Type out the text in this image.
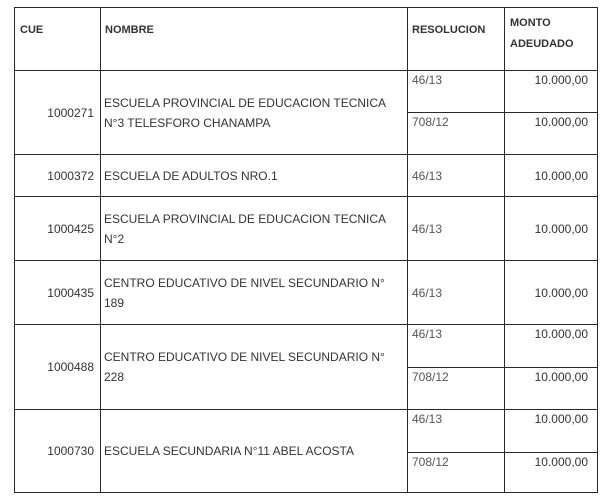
CUE	NOMBRE	RESOLUCION	MONTO
ADEUDADO
1000271	ESCUELA PROVINCIAL DE EDUCACION TECNICA N°3 TELESFORO CHANAMPA	46/13	10.000,00
		708/12	10.000,00
1000372	ESCUELA DE ADULTOS NRO.1	46/13	10.000,00
1000425	ESCUELA PROVINCIAL DE EDUCACION TECNICA N°2	46/13	10.000,00
1000435	CENTRO EDUCATIVO DE NIVEL SECUNDARIO N° 189	46/13	10.000,00
1000488	CENTRO EDUCATIVO DE NIVEL SECUNDARIO N° 228	46/13	10.000,00
		708/12	10.000,00
1000730	ESCUELA SECUNDARIA N°11 ABEL ACOSTA	46/13	10.000,00
		708/12	10.000,00
